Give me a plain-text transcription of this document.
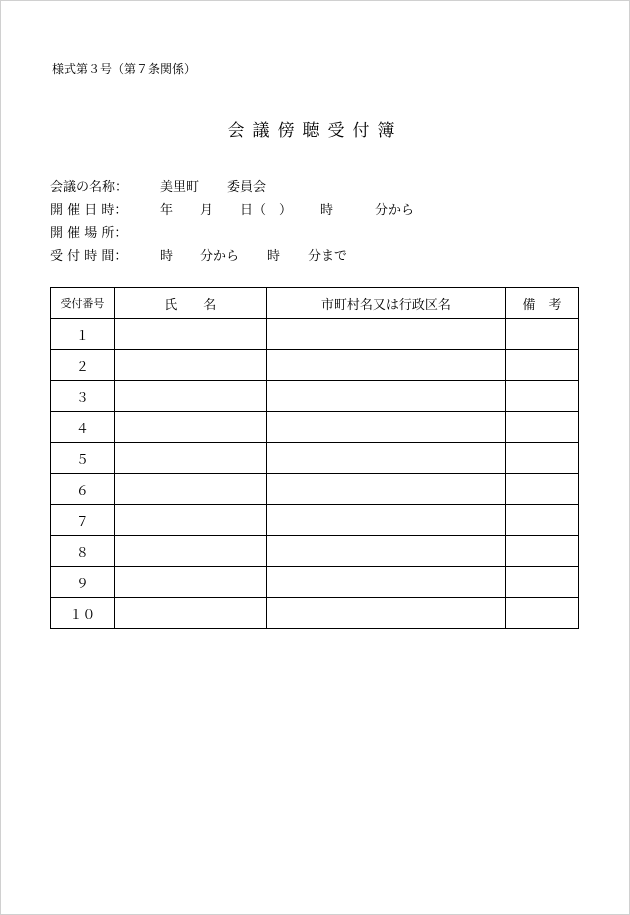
様式第３号（第７条関係）
会議傍聴受付簿
会議の名称： 美里町 委員会
開 催 日 時：	年 月 日（　） 時	分から
開 催 場 所：
受 付 時 間：	時 分から 時 分まで
受付番号	氏　　名	市町村名又は行政区名	備　考
１			
２			
３			
４			
５			
６			
７			
８			
９			
１０			
